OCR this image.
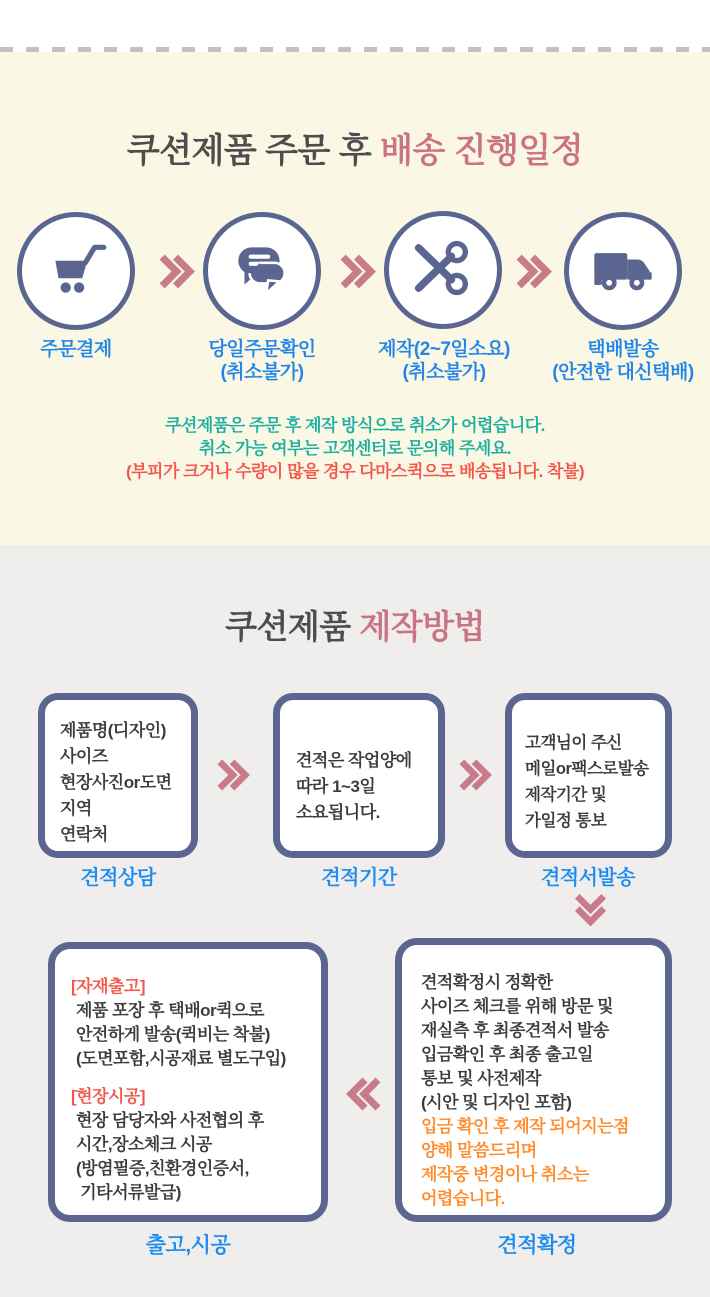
쿠션제품 주문 후 배송 진행일정
주문결제	당일주문확인
(취소불가)
제작(2~7일소요)
(취소불가)
택배발송
(안전한 대신택배)
쿠션제품은 주문 후 제작 방식으로 취소가 어렵습니다.
취소 가능 여부는 고객센터로 문의해 주세요.
(부피가 크거나 수량이 많을 경우 다마스퀵으로 배송됩니다. 착불)
쿠션제품 제작방법
제품명(디자인)
사이즈
현장사진or도면
지역
연락처
견적은 작업양에
따라 1~3일
소요됩니다.
고객님이 주신
메일or팩스로발송
제작기간 및
가일정 통보
견적상담	견적기간	견적서발송
[자재출고]
제품 포장 후 택배or퀵으로
안전하게 발송(퀵비는 착불)
(도면포함,시공재료 별도구입)
[현장시공]
현장 담당자와 사전협의 후
시간,장소체크 시공
(방염필증,친환경인증서,
기타서류발급)
견적확정시 정확한
사이즈 체크를 위해 방문 및
재실측 후 최종견적서 발송
입금확인 후 최종 출고일
통보 및 사전제작
(시안 및 디자인 포함)
입금 확인 후 제작 되어지는점
양해 말씀드리며
제작중 변경이나 취소는
어렵습니다.
출고,시공	견적확정
